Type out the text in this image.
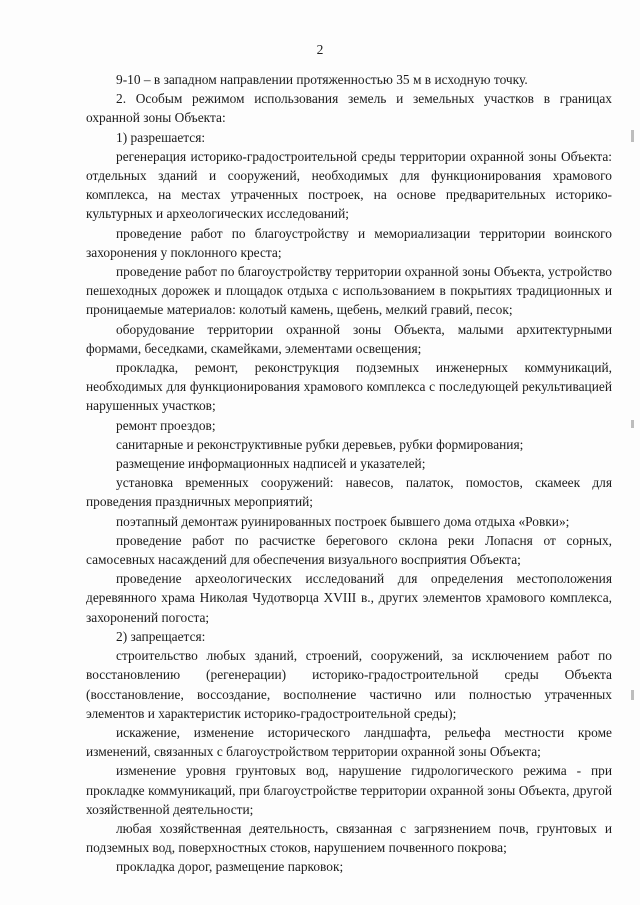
2

9-10 – в западном направлении протяженностью 35 м в исходную точку.

2. Особым режимом использования земель и земельных участков в границах охранной зоны Объекта:

1) разрешается:

регенерация историко-градостроительной среды территории охранной зоны Объекта: отдельных зданий и сооружений, необходимых для функционирования храмового комплекса, на местах утраченных построек, на основе предварительных историко-культурных и археологических исследований;

проведение работ по благоустройству и мемориализации территории воинского захоронения у поклонного креста;

проведение работ по благоустройству территории охранной зоны Объекта, устройство пешеходных дорожек и площадок отдыха с использованием в покрытиях традиционных и проницаемые материалов: колотый камень, щебень, мелкий гравий, песок;

оборудование территории охранной зоны Объекта, малыми архитектурными формами, беседками, скамейками, элементами освещения;

прокладка, ремонт, реконструкция подземных инженерных коммуникаций, необходимых для функционирования храмового комплекса с последующей рекультивацией нарушенных участков;

ремонт проездов;

санитарные и реконструктивные рубки деревьев, рубки формирования;

размещение информационных надписей и указателей;

установка временных сооружений: навесов, палаток, помостов, скамеек для проведения праздничных мероприятий;

поэтапный демонтаж руинированных построек бывшего дома отдыха «Ровки»;

проведение работ по расчистке берегового склона реки Лопасня от сорных, самосевных насаждений для обеспечения визуального восприятия Объекта;

проведение археологических исследований для определения местоположения деревянного храма Николая Чудотворца XVIII в., других элементов храмового комплекса, захоронений погоста;

2) запрещается:

строительство любых зданий, строений, сооружений, за исключением работ по восстановлению (регенерации) историко-градостроительной среды Объекта (восстановление, воссоздание, восполнение частично или полностью утраченных элементов и характеристик историко-градостроительной среды);

искажение, изменение исторического ландшафта, рельефа местности кроме изменений, связанных с благоустройством территории охранной зоны Объекта;

изменение уровня грунтовых вод, нарушение гидрологического режима - при прокладке коммуникаций, при благоустройстве территории охранной зоны Объекта, другой хозяйственной деятельности;

любая хозяйственная деятельность, связанная с загрязнением почв, грунтовых и подземных вод, поверхностных стоков, нарушением почвенного покрова;

прокладка дорог, размещение парковок;
